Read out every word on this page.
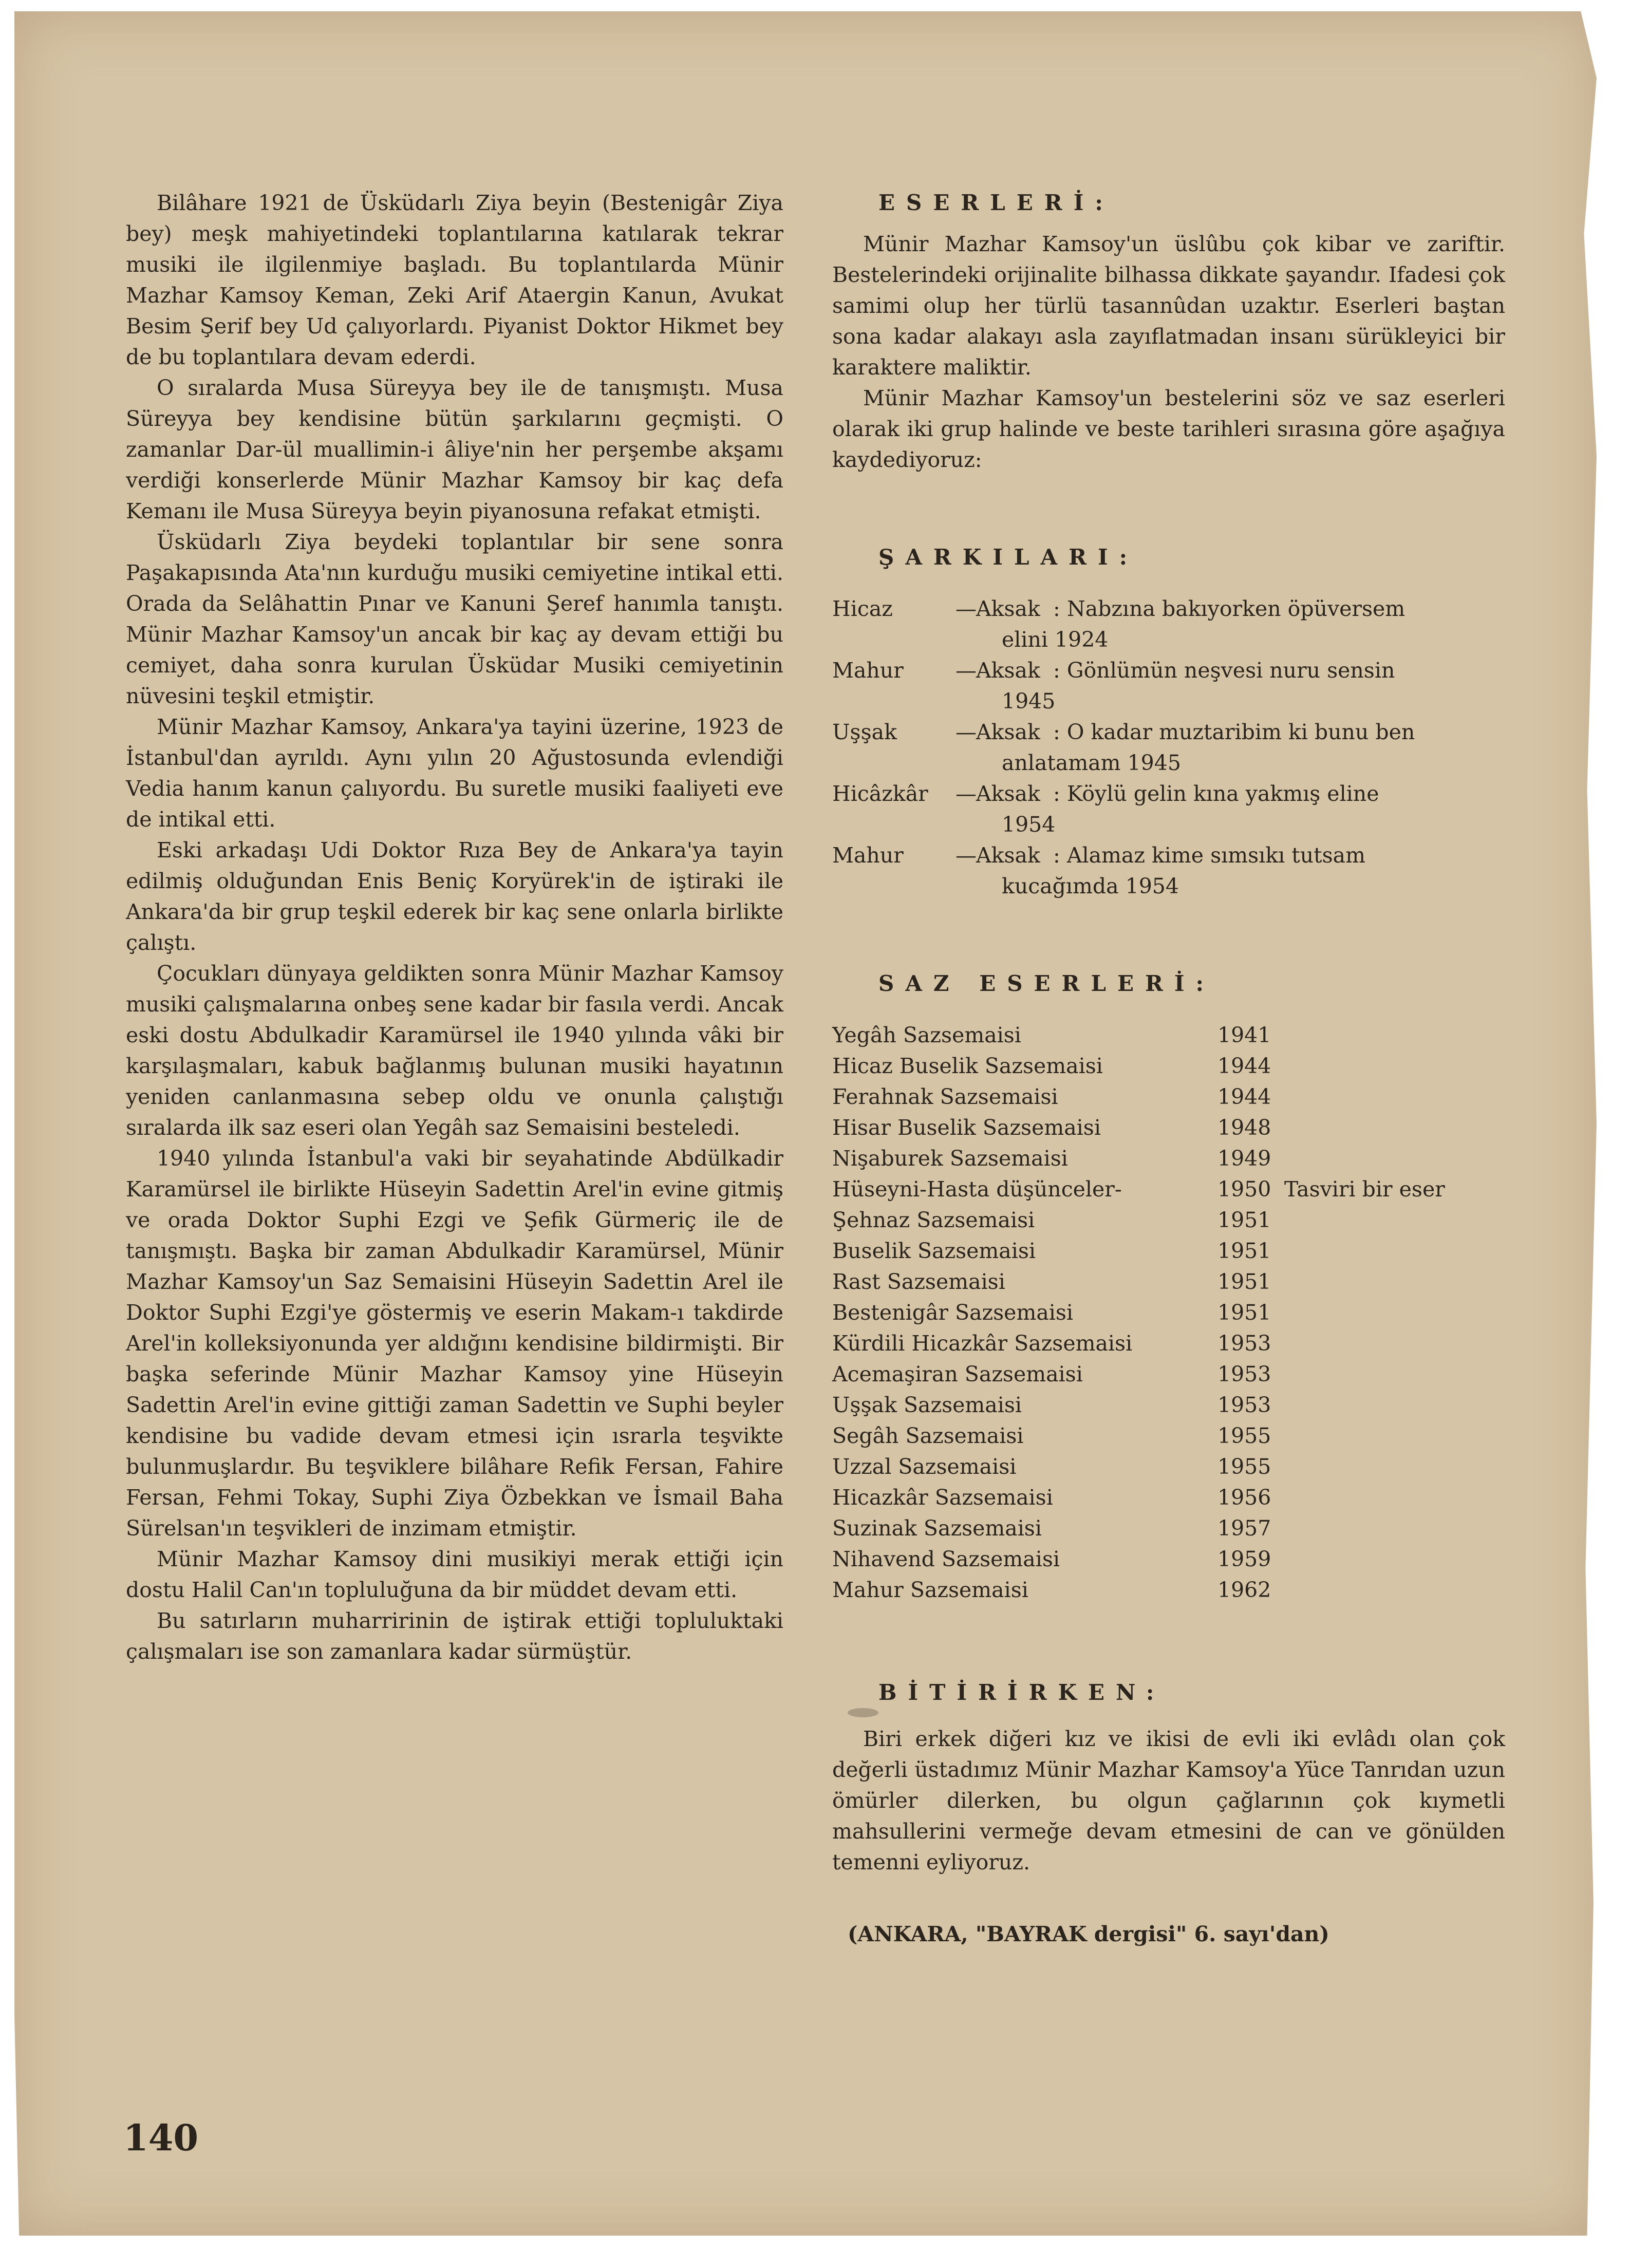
Bilâhare 1921 de Üsküdarlı Ziya beyin (Bestenigâr Ziya bey) meşk mahiyetindeki toplantılarına katılarak tekrar musiki ile ilgilenmiye başladı. Bu toplantılarda Münir Mazhar Kamsoy Keman, Zeki Arif Ataergin Kanun, Avukat Besim Şerif bey Ud çalıyorlardı. Piyanist Doktor Hikmet bey de bu toplantılara devam ederdi.

O sıralarda Musa Süreyya bey ile de tanışmıştı. Musa Süreyya bey kendisine bütün şarkılarını geçmişti. O zamanlar Dar-ül muallimin-i âliye'nin her perşembe akşamı verdiği konserlerde Münir Mazhar Kamsoy bir kaç defa Kemanı ile Musa Süreyya beyin piyanosuna refakat etmişti.

Üsküdarlı Ziya beydeki toplantılar bir sene sonra Paşakapısında Ata'nın kurduğu musiki cemiyetine intikal etti. Orada da Selâhattin Pınar ve Kanuni Şeref hanımla tanıştı. Münir Mazhar Kamsoy'un ancak bir kaç ay devam ettiği bu cemiyet, daha sonra kurulan Üsküdar Musiki cemiyetinin nüvesini teşkil etmiştir.

Münir Mazhar Kamsoy, Ankara'ya tayini üzerine, 1923 de İstanbul'dan ayrıldı. Aynı yılın 20 Ağustosunda evlendiği Vedia hanım kanun çalıyordu. Bu suretle musiki faaliyeti eve de intikal etti.

Eski arkadaşı Udi Doktor Rıza Bey de Ankara'ya tayin edilmiş olduğundan Enis Beniç Koryürek'in de iştiraki ile Ankara'da bir grup teşkil ederek bir kaç sene onlarla birlikte çalıştı.

Çocukları dünyaya geldikten sonra Münir Mazhar Kamsoy musiki çalışmalarına onbeş sene kadar bir fasıla verdi. Ancak eski dostu Abdulkadir Karamürsel ile 1940 yılında vâki bir karşılaşmaları, kabuk bağlanmış bulunan musiki hayatının yeniden canlanmasına sebep oldu ve onunla çalıştığı sıralarda ilk saz eseri olan Yegâh saz Semaisini besteledi.

1940 yılında İstanbul'a vaki bir seyahatinde Abdülkadir Karamürsel ile birlikte Hüseyin Sadettin Arel'in evine gitmiş ve orada Doktor Suphi Ezgi ve Şefik Gürmeriç ile de tanışmıştı. Başka bir zaman Abdulkadir Karamürsel, Münir Mazhar Kamsoy'un Saz Semaisini Hüseyin Sadettin Arel ile Doktor Suphi Ezgi'ye göstermiş ve eserin Makam-ı takdirde Arel'in kolleksiyonunda yer aldığını kendisine bildirmişti. Bir başka seferinde Münir Mazhar Kamsoy yine Hüseyin Sadettin Arel'in evine gittiği zaman Sadettin ve Suphi beyler kendisine bu vadide devam etmesi için ısrarla teşvikte bulunmuşlardır. Bu teşviklere bilâhare Refik Fersan, Fahire Fersan, Fehmi Tokay, Suphi Ziya Özbekkan ve İsmail Baha Sürelsan'ın teşvikleri de inzimam etmiştir.

Münir Mazhar Kamsoy dini musikiyi merak ettiği için dostu Halil Can'ın topluluğuna da bir müddet devam etti.

Bu satırların muharririnin de iştirak ettiği topluluktaki çalışmaları ise son zamanlara kadar sürmüştür.

ESERLERİ:

Münir Mazhar Kamsoy'un üslûbu çok kibar ve zariftir. Bestelerindeki orijinalite bilhassa dikkate şayandır. Ifadesi çok samimi olup her türlü tasannûdan uzaktır. Eserleri baştan sona kadar alakayı asla zayıflatmadan insanı sürükleyici bir karaktere maliktir.

Münir Mazhar Kamsoy'un bestelerini söz ve saz eserleri olarak iki grup halinde ve beste tarihleri sırasına göre aşağıya kaydediyoruz:

ŞARKILARI:
Hicaz	— Aksak : Nabzına bakıyorken öpüversem
elini 1924
Mahur	— Aksak : Gönlümün neşvesi nuru sensin
1945
Uşşak	— Aksak : O kadar muztaribim ki bunu ben
anlatamam 1945
Hicâzkâr	— Aksak : Köylü gelin kına yakmış eline
1954
Mahur	— Aksak : Alamaz kime sımsıkı tutsam
kucağımda 1954
SAZ ESERLERİ:
Yegâh Sazsemaisi	1941
Hicaz Buselik Sazsemaisi	1944
Ferahnak Sazsemaisi	1944
Hisar Buselik Sazsemaisi	1948
Nişaburek Sazsemaisi	1949
Hüseyni-Hasta düşünceler-	1950 Tasviri bir eser
Şehnaz Sazsemaisi	1951
Buselik Sazsemaisi	1951
Rast Sazsemaisi	1951
Bestenigâr Sazsemaisi	1951
Kürdili Hicazkâr Sazsemaisi	1953
Acemaşiran Sazsemaisi	1953
Uşşak Sazsemaisi	1953
Segâh Sazsemaisi	1955
Uzzal Sazsemaisi	1955
Hicazkâr Sazsemaisi	1956
Suzinak Sazsemaisi	1957
Nihavend Sazsemaisi	1959
Mahur Sazsemaisi	1962
BİTİRİRKEN:

Biri erkek diğeri kız ve ikisi de evli iki evlâdı olan çok değerli üstadımız Münir Mazhar Kamsoy'a Yüce Tanrıdan uzun ömürler dilerken, bu olgun çağlarının çok kıymetli mahsullerini vermeğe devam etmesini de can ve gönülden temenni eyliyoruz.

(ANKARA, "BAYRAK dergisi" 6. sayı'dan)
140
